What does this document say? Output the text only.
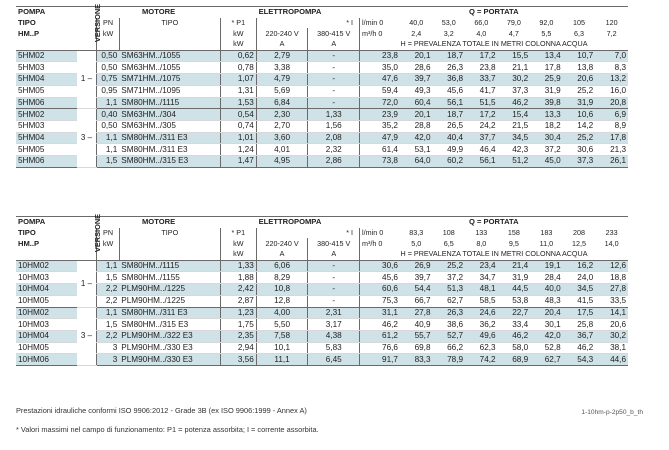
POMPA	VERSIONE	MOTORE		ELETTROPOMPA			Q = PORTATA							
TIPO		PN	TIPO	* P1	* I		l/min 0	40,0	53,0	66,0	79,0	92,0	105	120
HM..P		kW		kW	220-240 V	380-415 V	m³/h 0	2,4	3,2	4,0	4,7	5,5	6,3	7,2
				kW	A	A	H = PREVALENZA TOTALE IN METRI COLONNA ACQUA							
5HM02	1 –	0,50	SM63HM../1055	0,62	2,79	-	23,8	20,1	18,7	17,2	15,5	13,4	10,7	7,0
5HM03		0,50	SM63HM../1055	0,78	3,38	-	35,0	28,6	26,3	23,8	21,1	17,8	13,8	8,3
5HM04		0,75	SM71HM../1075	1,07	4,79	-	47,6	39,7	36,8	33,7	30,2	25,9	20,6	13,2
5HM05		0,95	SM71HM../1095	1,31	5,69	-	59,4	49,3	45,6	41,7	37,3	31,9	25,2	16,0
5HM06		1,1	SM80HM../1115	1,53	6,84	-	72,0	60,4	56,1	51,5	46,2	39,8	31,9	20,8
5HM02	3 –	0,40	SM63HM../304	0,54	2,30	1,33	23,9	20,1	18,7	17,2	15,4	13,3	10,6	6,9
5HM03		0,50	SM63HM../305	0,74	2,70	1,56	35,2	28,8	26,5	24,2	21,5	18,2	14,2	8,9
5HM04		1,1	SM80HM../311 E3	1,01	3,60	2,08	47,9	42,0	40,4	37,7	34,5	30,4	25,2	17,8
5HM05		1,1	SM80HM../311 E3	1,24	4,01	2,32	61,4	53,1	49,9	46,4	42,3	37,2	30,6	21,3
5HM06		1,5	SM80HM../315 E3	1,47	4,95	2,86	73,8	64,0	60,2	56,1	51,2	45,0	37,3	26,1
POMPA	VERSIONE	MOTORE		ELETTROPOMPA			Q = PORTATA							
TIPO		PN	TIPO	* P1	* I		l/min 0	83,3	108	133	158	183	208	233
HM..P		kW		kW	220-240 V	380-415 V	m³/h 0	5,0	6,5	8,0	9,5	11,0	12,5	14,0
				kW	A	A	H = PREVALENZA TOTALE IN METRI COLONNA ACQUA							
10HM02	1 –	1,1	SM80HM../1115	1,33	6,06	-	30,6	26,9	25,2	23,4	21,4	19,1	16,2	12,6
10HM03		1,5	SM80HM../1155	1,88	8,29	-	45,6	39,7	37,2	34,7	31,9	28,4	24,0	18,8
10HM04		2,2	PLM90HM../1225	2,42	10,8	-	60,6	54,4	51,3	48,1	44,5	40,0	34,5	27,8
10HM05		2,2	PLM90HM../1225	2,87	12,8	-	75,3	66,7	62,7	58,5	53,8	48,3	41,5	33,5
10HM02	3 –	1,1	SM80HM../311 E3	1,23	4,00	2,31	31,1	27,8	26,3	24,6	22,7	20,4	17,5	14,1
10HM03		1,5	SM80HM../315 E3	1,75	5,50	3,17	46,2	40,9	38,6	36,2	33,4	30,1	25,8	20,6
10HM04		2,2	PLM90HM../322 E3	2,35	7,58	4,38	61,2	55,7	52,7	49,6	46,2	42,0	36,7	30,2
10HM05		3	PLM90HM../330 E3	2,94	10,1	5,83	76,6	69,8	66,2	62,3	58,0	52,8	46,2	38,1
10HM06		3	PLM90HM../330 E3	3,56	11,1	6,45	91,7	83,3	78,9	74,2	68,9	62,7	54,3	44,6
Prestazioni idrauliche conformi ISO 9906:2012 - Grade 3B (ex ISO 9906:1999 - Annex A)	1-10hm-p-2p50_b_th
* Valori massimi nel campo di funzionamento: P1 = potenza assorbita; I = corrente assorbita.
